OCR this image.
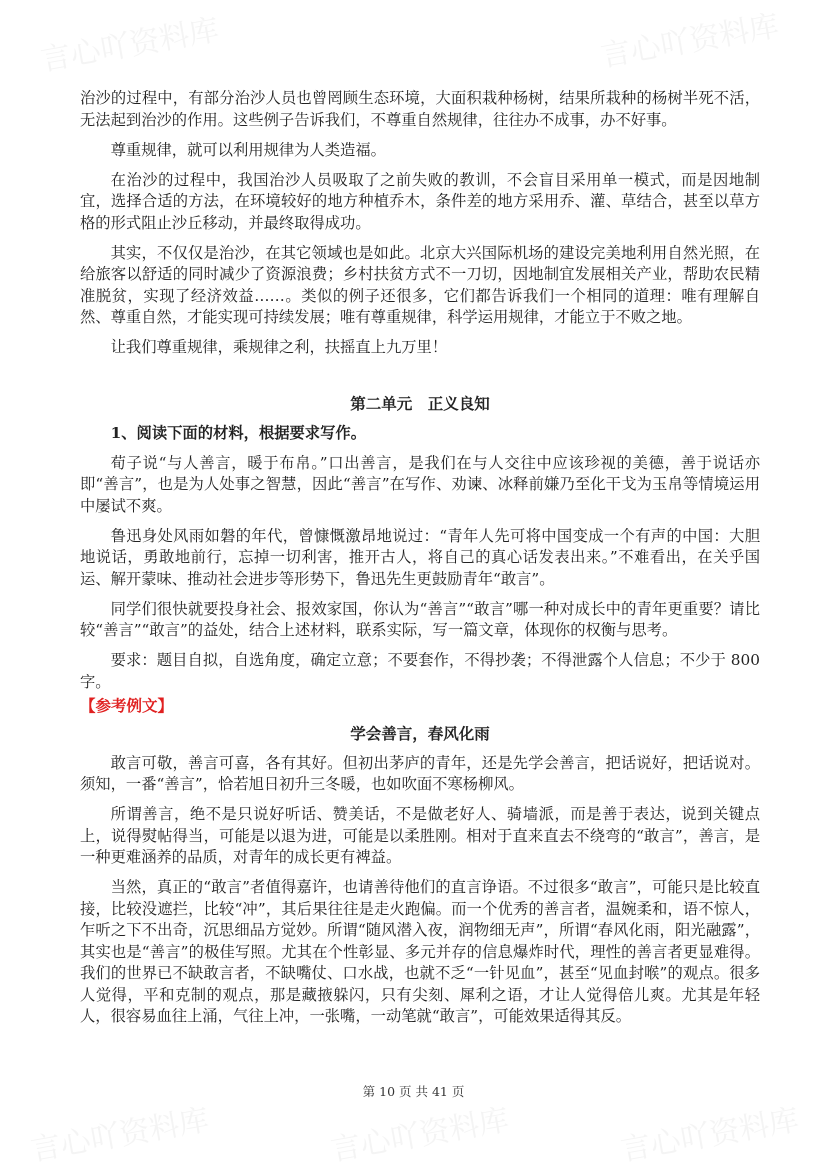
言心吖资料库	言心吖资料库
言心吖资料库	言心吖资料库	言心吖资料库

治沙的过程中，有部分治沙人员也曾罔顾生态环境，大面积栽种杨树，结果所栽种的杨树半死不活，无法起到治沙的作用。这些例子告诉我们，不尊重自然规律，往往办不成事，办不好事。

尊重规律，就可以利用规律为人类造福。

在治沙的过程中，我国治沙人员吸取了之前失败的教训，不会盲目采用单一模式，而是因地制宜，选择合适的方法，在环境较好的地方种植乔木，条件差的地方采用乔、灌、草结合，甚至以草方格的形式阻止沙丘移动，并最终取得成功。

其实，不仅仅是治沙，在其它领域也是如此。北京大兴国际机场的建设完美地利用自然光照，在给旅客以舒适的同时减少了资源浪费；乡村扶贫方式不一刀切，因地制宜发展相关产业，帮助农民精准脱贫，实现了经济效益……。类似的例子还很多，它们都告诉我们一个相同的道理：唯有理解自然、尊重自然，才能实现可持续发展；唯有尊重规律，科学运用规律，才能立于不败之地。

让我们尊重规律，乘规律之利，扶摇直上九万里！

第二单元　正义良知

1、阅读下面的材料，根据要求写作。

荀子说“与人善言，暖于布帛。”口出善言，是我们在与人交往中应该珍视的美德，善于说话亦即“善言”，也是为人处事之智慧，因此“善言”在写作、劝谏、冰释前嫌乃至化干戈为玉帛等情境运用中屡试不爽。

鲁迅身处风雨如磐的年代，曾慷慨激昂地说过：“青年人先可将中国变成一个有声的中国：大胆地说话，勇敢地前行，忘掉一切利害，推开古人，将自己的真心话发表出来。”不难看出，在关乎国运、解开蒙味、推动社会进步等形势下，鲁迅先生更鼓励青年“敢言”。

同学们很快就要投身社会、报效家国，你认为“善言”“敢言”哪一种对成长中的青年更重要？请比较“善言”“敢言”的益处，结合上述材料，联系实际，写一篇文章，体现你的权衡与思考。

要求：题目自拟，自选角度，确定立意；不要套作，不得抄袭；不得泄露个人信息；不少于 800 字。

【参考例文】

学会善言，春风化雨

敢言可敬，善言可喜，各有其好。但初出茅庐的青年，还是先学会善言，把话说好，把话说对。须知，一番“善言”，恰若旭日初升三冬暖，也如吹面不寒杨柳风。

所谓善言，绝不是只说好听话、赞美话，不是做老好人、骑墙派，而是善于表达，说到关键点上，说得熨帖得当，可能是以退为进，可能是以柔胜刚。相对于直来直去不绕弯的“敢言”，善言，是一种更难涵养的品质，对青年的成长更有裨益。

当然，真正的“敢言”者值得嘉许，也请善待他们的直言诤语。不过很多“敢言”，可能只是比较直接，比较没遮拦，比较“冲”，其后果往往是走火跑偏。而一个优秀的善言者，温婉柔和，语不惊人，乍听之下不出奇，沉思细品方觉妙。所谓“随风潜入夜，润物细无声”，所谓“春风化雨，阳光融露”，其实也是“善言”的极佳写照。尤其在个性彰显、多元并存的信息爆炸时代，理性的善言者更显难得。我们的世界已不缺敢言者，不缺嘴仗、口水战，也就不乏“一针见血”，甚至“见血封喉”的观点。很多人觉得，平和克制的观点，那是藏掖躲闪，只有尖刻、犀利之语，才让人觉得倍儿爽。尤其是年轻人，很容易血往上涌，气往上冲，一张嘴，一动笔就“敢言”，可能效果适得其反。

第 10 页 共 41 页
